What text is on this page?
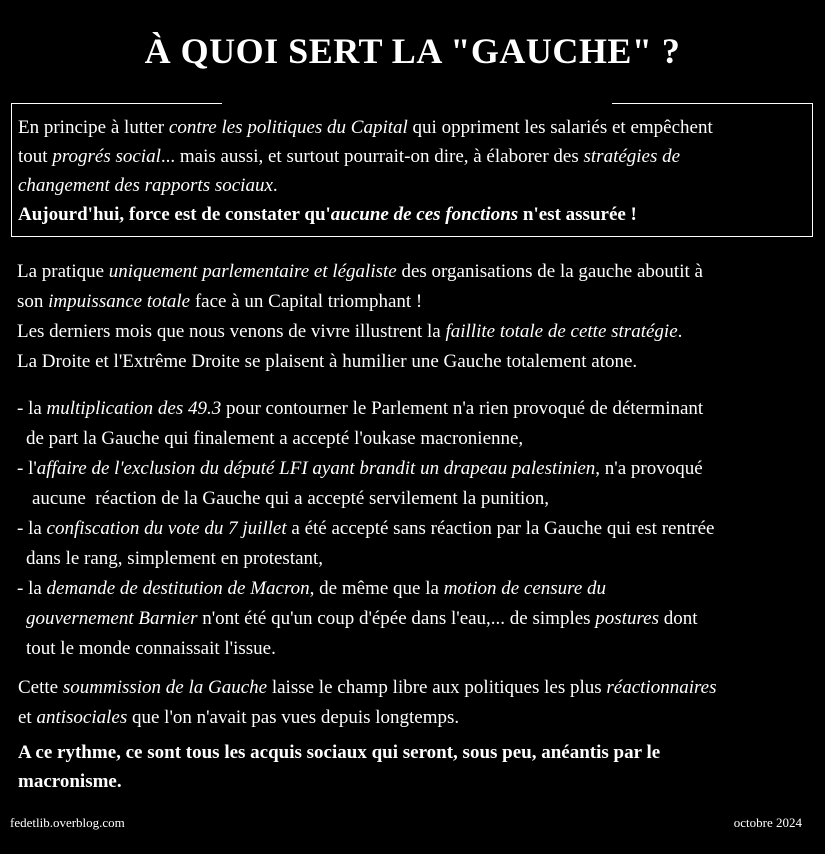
À QUOI SERT LA "GAUCHE" ?

En principe à lutter contre les politiques du Capital qui oppriment les salariés et empêchent
tout progrés social... mais aussi, et surtout pourrait-on dire, à élaborer des stratégies de
changement des rapports sociaux.
Aujourd'hui, force est de constater qu'aucune de ces fonctions n'est assurée !

La pratique uniquement parlementaire et légaliste des organisations de la gauche aboutit à
son impuissance totale face à un Capital triomphant !
Les derniers mois que nous venons de vivre illustrent la faillite totale de cette stratégie.
La Droite et l'Extrême Droite se plaisent à humilier une Gauche totalement atone.

- la multiplication des 49.3 pour contourner le Parlement n'a rien provoqué de déterminant
de part la Gauche qui finalement a accepté l'oukase macronienne,
- l'affaire de l'exclusion du député LFI ayant brandit un drapeau palestinien, n'a provoqué
aucune  réaction de la Gauche qui a accepté servilement la punition,
- la confiscation du vote du 7 juillet a été accepté sans réaction par la Gauche qui est rentrée
dans le rang, simplement en protestant,
- la demande de destitution de Macron, de même que la motion de censure du
gouvernement Barnier n'ont été qu'un coup d'épée dans l'eau,... de simples postures dont
tout le monde connaissait l'issue.

Cette soummission de la Gauche laisse le champ libre aux politiques les plus réactionnaires
et antisociales que l'on n'avait pas vues depuis longtemps.

A ce rythme, ce sont tous les acquis sociaux qui seront, sous peu, anéantis par le
macronisme.

fedetlib.overblog.com	octobre 2024
